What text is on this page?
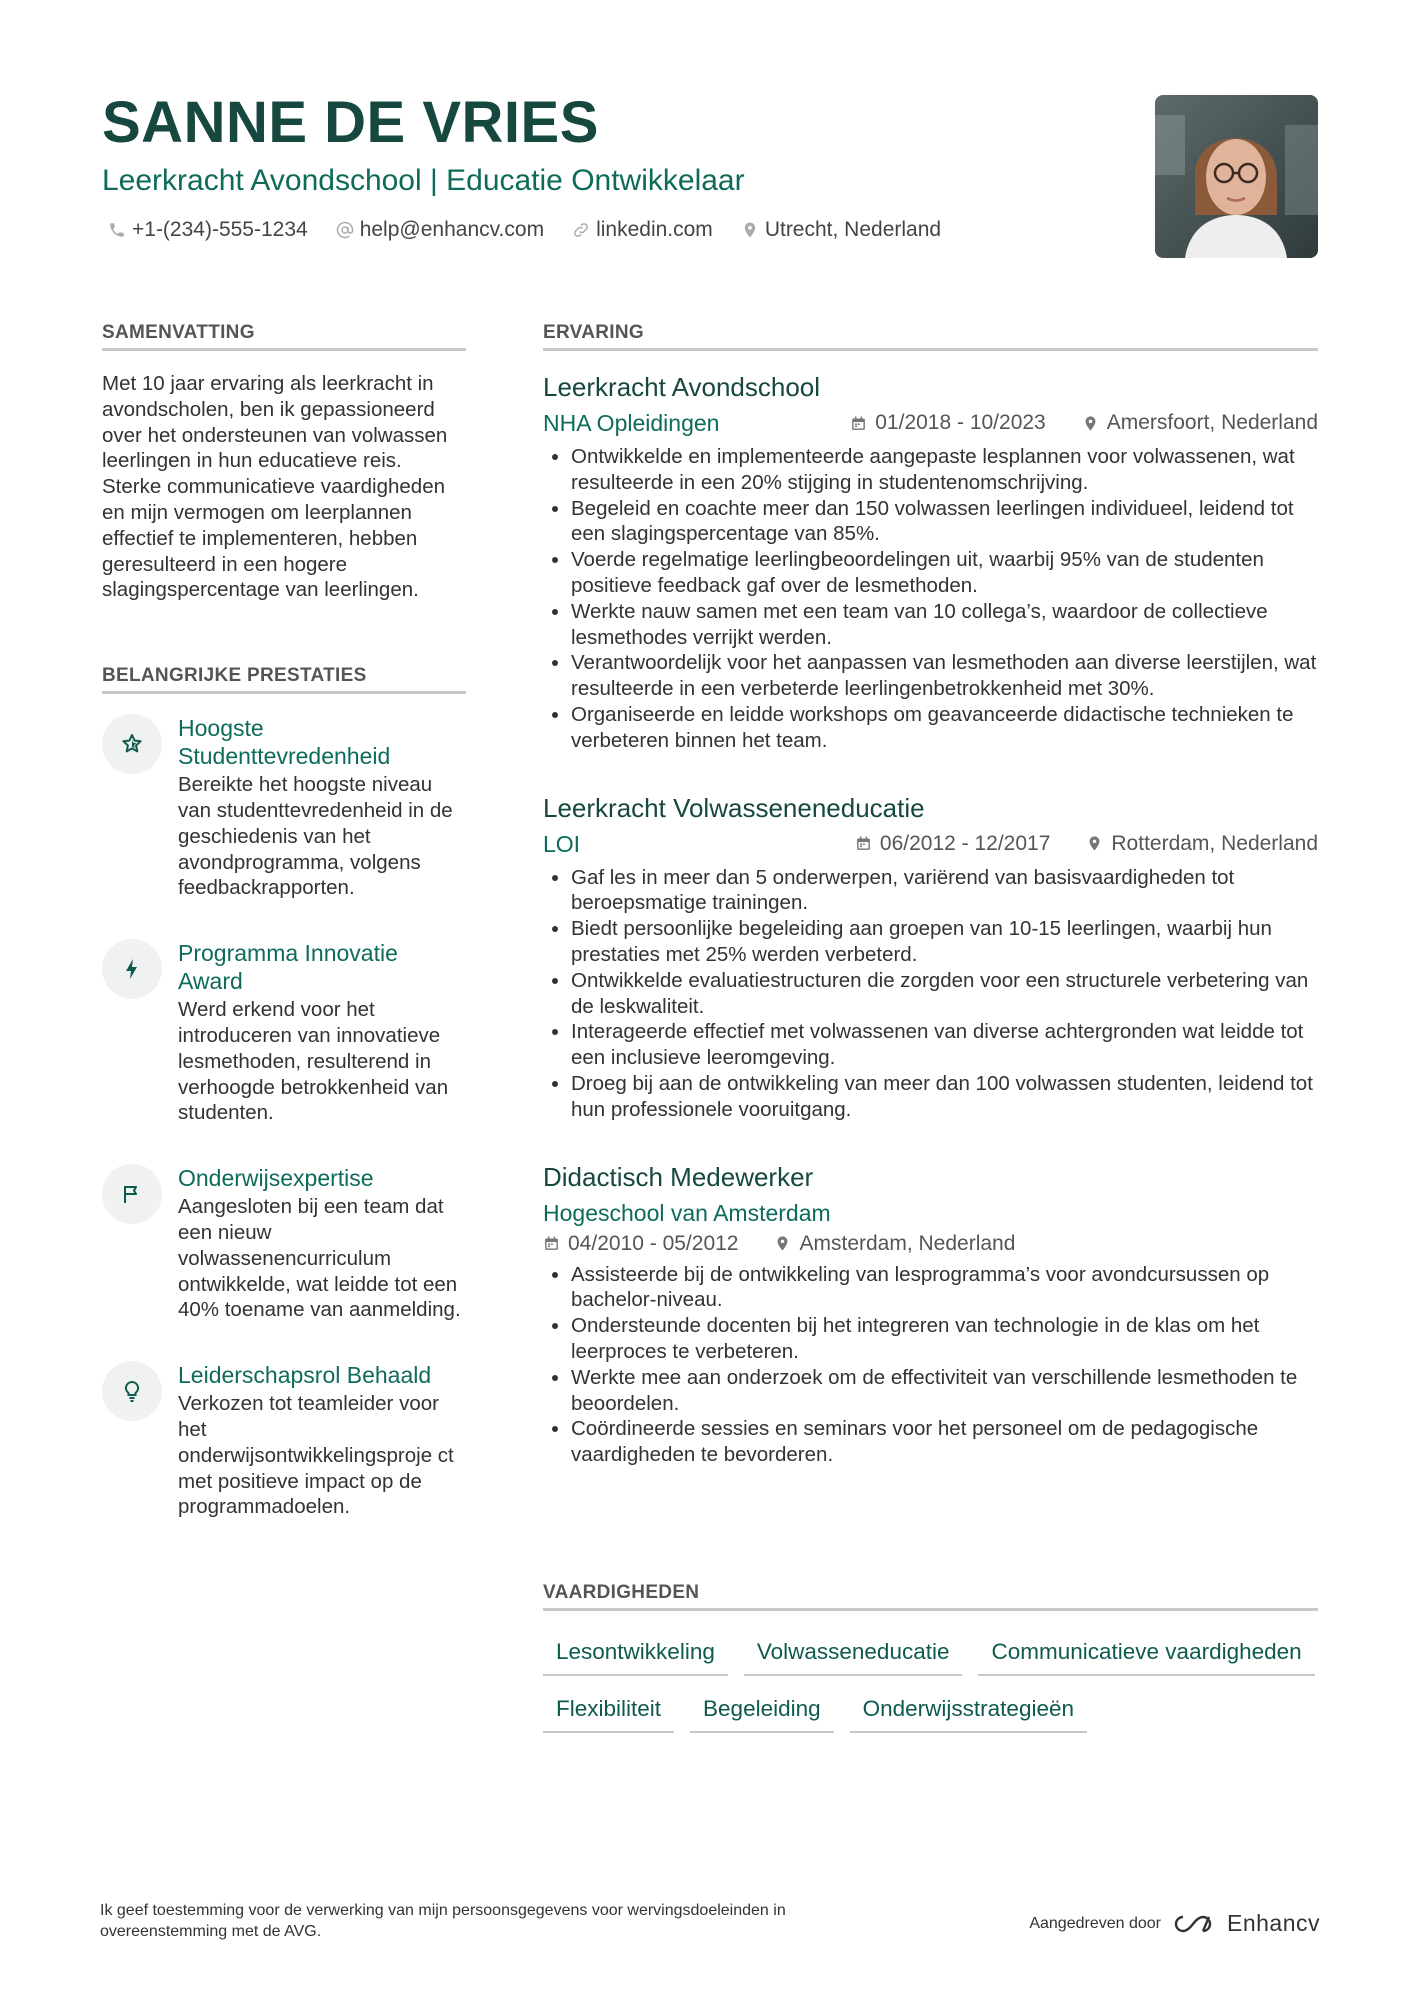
SANNE DE VRIES
Leerkracht Avondschool | Educatie Ontwikkelaar
+1-(234)-555-1234 help@enhancv.com linkedin.com Utrecht, Nederland
SAMENVATTING
Met 10 jaar ervaring als leerkracht in avondscholen, ben ik gepassioneerd over het ondersteunen van volwassen leerlingen in hun educatieve reis. Sterke communicatieve vaardigheden en mijn vermogen om leerplannen effectief te implementeren, hebben geresulteerd in een hogere slagingspercentage van leerlingen.
BELANGRIJKE PRESTATIES
Hoogste Studenttevredenheid
Bereikte het hoogste niveau van studenttevredenheid in de geschiedenis van het avondprogramma, volgens feedbackrapporten.
Programma Innovatie Award
Werd erkend voor het introduceren van innovatieve lesmethoden, resulterend in verhoogde betrokkenheid van studenten.
Onderwijsexpertise
Aangesloten bij een team dat een nieuw volwassenencurriculum ontwikkelde, wat leidde tot een 40% toename van aanmelding.
Leiderschapsrol Behaald
Verkozen tot teamleider voor het onderwijsontwikkelingsproje ct met positieve impact op de programmadoelen.
ERVARING
Leerkracht Avondschool
NHA Opleidingen	01/2018 - 10/2023	Amersfoort, Nederland
• Ontwikkelde en implementeerde aangepaste lesplannen voor volwassenen, wat resulteerde in een 20% stijging in studentenomschrijving.
• Begeleid en coachte meer dan 150 volwassen leerlingen individueel, leidend tot een slagingspercentage van 85%.
• Voerde regelmatige leerlingbeoordelingen uit, waarbij 95% van de studenten positieve feedback gaf over de lesmethoden.
• Werkte nauw samen met een team van 10 collega’s, waardoor de collectieve lesmethodes verrijkt werden.
• Verantwoordelijk voor het aanpassen van lesmethoden aan diverse leerstijlen, wat resulteerde in een verbeterde leerlingenbetrokkenheid met 30%.
• Organiseerde en leidde workshops om geavanceerde didactische technieken te verbeteren binnen het team.
Leerkracht Volwasseneneducatie
LOI	06/2012 - 12/2017	Rotterdam, Nederland
• Gaf les in meer dan 5 onderwerpen, variërend van basisvaardigheden tot beroepsmatige trainingen.
• Biedt persoonlijke begeleiding aan groepen van 10-15 leerlingen, waarbij hun prestaties met 25% werden verbeterd.
• Ontwikkelde evaluatiestructuren die zorgden voor een structurele verbetering van de leskwaliteit.
• Interageerde effectief met volwassenen van diverse achtergronden wat leidde tot een inclusieve leeromgeving.
• Droeg bij aan de ontwikkeling van meer dan 100 volwassen studenten, leidend tot hun professionele vooruitgang.
Didactisch Medewerker
Hogeschool van Amsterdam
04/2010 - 05/2012	Amsterdam, Nederland
• Assisteerde bij de ontwikkeling van lesprogramma’s voor avondcursussen op bachelor-niveau.
• Ondersteunde docenten bij het integreren van technologie in de klas om het leerproces te verbeteren.
• Werkte mee aan onderzoek om de effectiviteit van verschillende lesmethoden te beoordelen.
• Coördineerde sessies en seminars voor het personeel om de pedagogische vaardigheden te bevorderen.
VAARDIGHEDEN
Lesontwikkeling	Volwasseneducatie	Communicatieve vaardigheden
Flexibiliteit	Begeleiding	Onderwijsstrategieën
Ik geef toestemming voor de verwerking van mijn persoonsgegevens voor wervingsdoeleinden in overeenstemming met de AVG.	Aangedreven door	Enhancv
